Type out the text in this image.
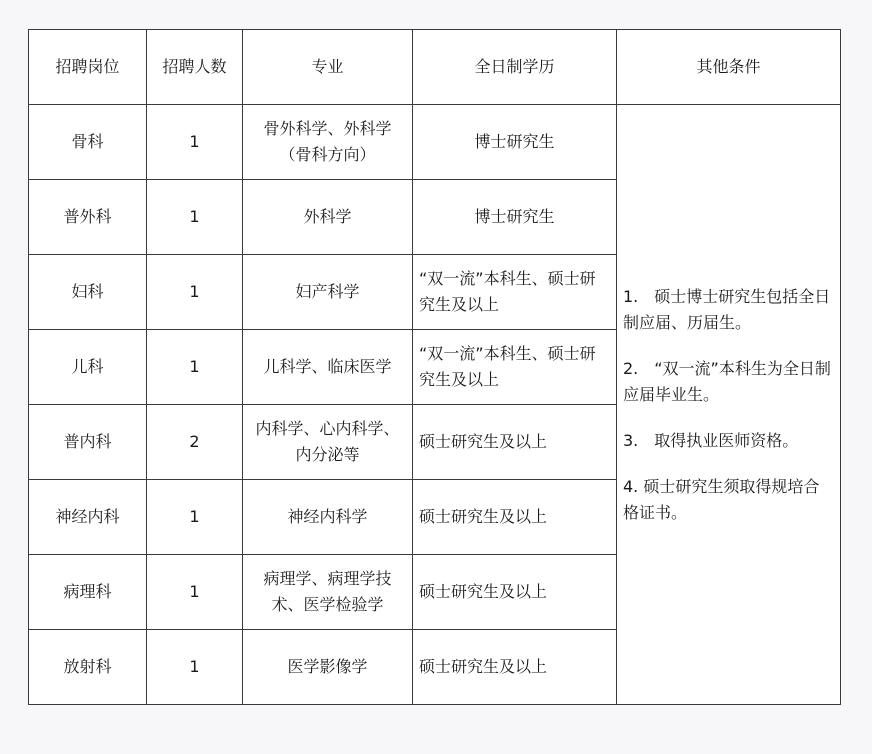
招聘岗位	招聘人数	专业	全日制学历	其他条件
骨科	1	骨外科学、外科学（骨科方向）	博士研究生	1.　硕士博士研究生包括全日制应届、历届生。
2.　“双一流”本科生为全日制应届毕业生。
3.　取得执业医师资格。
4. 硕士研究生须取得规培合格证书。

普外科	1	外科学	博士研究生	
妇科	1	妇产科学	“双一流”本科生、硕士研究生及以上	
儿科	1	儿科学、临床医学	“双一流”本科生、硕士研究生及以上	
普内科	2	内科学、心内科学、内分泌等	硕士研究生及以上	
神经内科	1	神经内科学	硕士研究生及以上	
病理科	1	病理学、病理学技术、医学检验学	硕士研究生及以上	
放射科	1	医学影像学	硕士研究生及以上	
